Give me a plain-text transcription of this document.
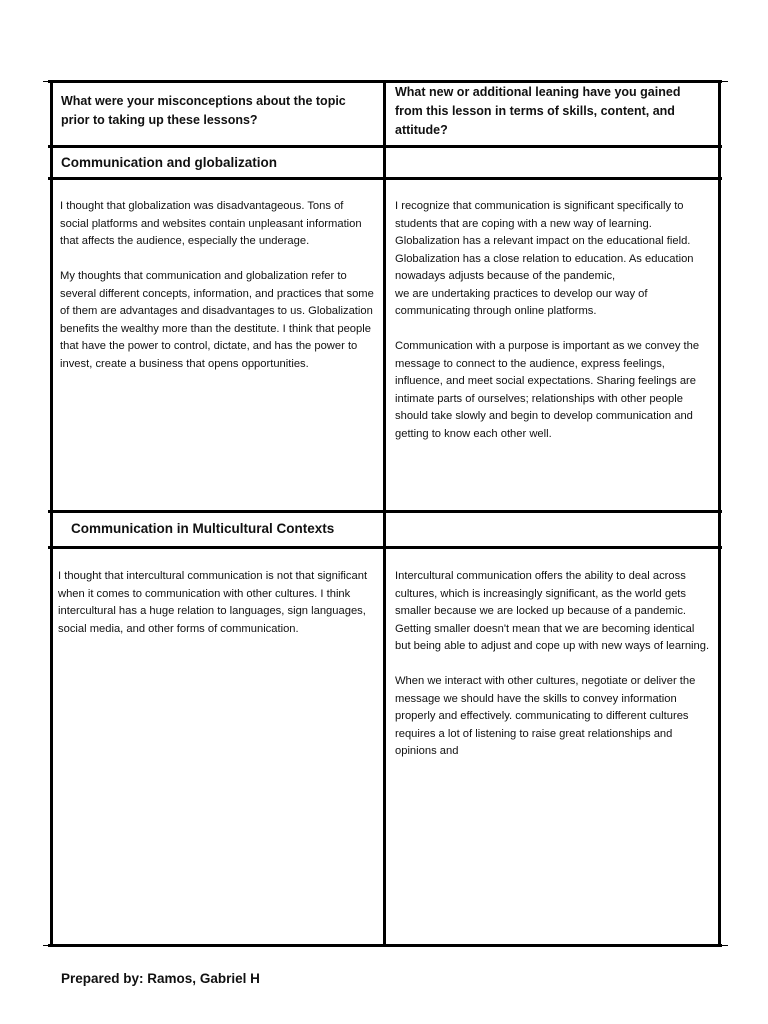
What were your misconceptions about the topic prior to taking up these lessons?
What new or additional leaning have you gained from this lesson in terms of skills, content, and attitude?
Communication and globalization
I thought that globalization was disadvantageous. Tons of social platforms and websites contain unpleasant information that affects the audience, especially the underage.

My thoughts that communication and globalization refer to several different concepts, information, and practices that some of them are advantages and disadvantages to us. Globalization benefits the wealthy more than the destitute. I think that people that have the power to control, dictate, and has the power to invest, create a business that opens opportunities.
I recognize that communication is significant specifically to students that are coping with a new way of learning. Globalization has a relevant impact on the educational field. Globalization has a close relation to education. As education nowadays adjusts because of the pandemic,
we are undertaking practices to develop our way of communicating through online platforms.

Communication with a purpose is important as we convey the message to connect to the audience, express feelings, influence, and meet social expectations. Sharing feelings are intimate parts of ourselves; relationships with other people should take slowly and begin to develop communication and getting to know each other well.
Communication in Multicultural Contexts
I thought that intercultural communication is not that significant when it comes to communication with other cultures. I think intercultural has a huge relation to languages, sign languages, social media, and other forms of communication.
Intercultural communication offers the ability to deal across cultures, which is increasingly significant, as the world gets smaller because we are locked up because of a pandemic. Getting smaller doesn't mean that we are becoming identical but being able to adjust and cope up with new ways of learning.

When we interact with other cultures, negotiate or deliver the message we should have the skills to convey information properly and effectively. communicating to different cultures requires a lot of listening to raise great relationships and opinions and
Prepared by: Ramos, Gabriel H
